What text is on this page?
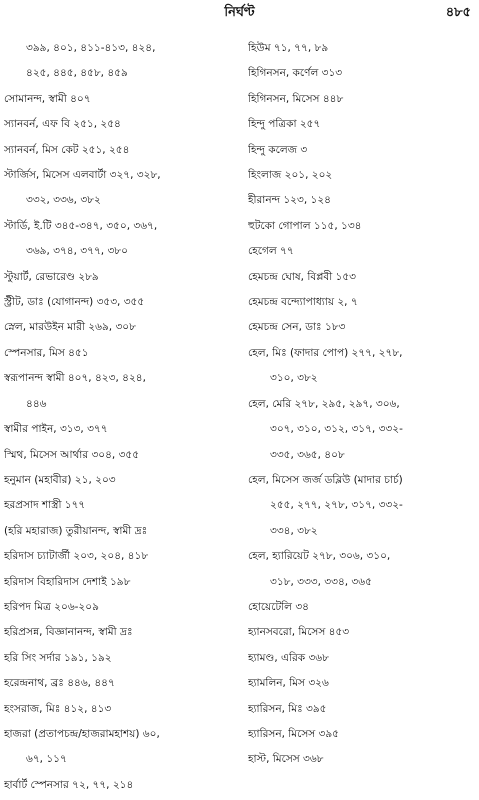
নির্ঘণ্ট	৪৮৫
৩৯৯, ৪০১, ৪১১-৪১৩, ৪২৪,
৪২৫, ৪৪৫, ৪৫৮, ৪৫৯
সোমানন্দ, স্বামী ৪০৭
স্যানবর্ন, এফ বি ২৫১, ২৫৪
স্যানবর্ন, মিস কেট ২৫১, ২৫৪
স্টার্জিস, মিসেস এলবার্টা ৩২৭, ৩২৮,
৩৩২, ৩৩৬, ৩৮২
স্টার্ডি, ই.টি ৩৪৫-৩৪৭, ৩৫০, ৩৬৭,
৩৬৯, ৩৭৪, ৩৭৭, ৩৮০
স্টুয়ার্ট, রেভারেণ্ড ২৮৯
স্ট্রীট, ডাঃ (যোগানন্দ) ৩৫৩, ৩৫৫
স্নেল, মারউইন মারী ২৬৯, ৩০৮
স্পেনসার, মিস ৪৫১
স্বরূপানন্দ স্বামী ৪০৭, ৪২৩, ৪২৪,
৪৪৬
স্বামীর পাইন, ৩১৩, ৩৭৭
স্মিথ, মিসেস আর্থার ৩০৪, ৩৫৫
হনুমান (মহাবীর) ২১, ২০৩
হরপ্রসাদ শাস্ত্রী ১৭৭
(হরি মহারাজ) তুরীয়ানন্দ, স্বামী দ্রঃ
হরিদাস চ্যাটার্জী ২০৩, ২০৪, ৪১৮
হরিদাস বিহারিদাস দেশাই ১৯৮
হরিপদ মিত্র ২০৬-২০৯
হরিপ্রসন্ন, বিজ্ঞানানন্দ, স্বামী দ্রঃ
হরি সিং সর্দার ১৯১, ১৯২
হরেন্দ্রনাথ, ব্রঃ ৪৪৬, ৪৪৭
হংসরাজ, মিঃ ৪১২, ৪১৩
হাজরা (প্রতাপচন্দ্র/হাজরামহাশয়) ৬০,
৬৭, ১১৭
হার্বার্ট স্পেনসার ৭২, ৭৭, ২১৪
হিউম ৭১, ৭৭, ৮৯
হিগিনসন, কর্ণেল ৩১৩
হিগিনসন, মিসেস ৪৪৮
হিন্দু পত্রিকা ২৫৭
হিন্দু কলেজ ৩
হিংলাজ ২০১, ২০২
হীরানন্দ ১২৩, ১২৪
হুটকো গোপাল ১১৫, ১৩৪
হেগেল ৭৭
হেমচন্দ্র ঘোষ, বিপ্লবী ১৫৩
হেমচন্দ্র বন্দ্যোপাধ্যায় ২, ৭
হেমচন্দ্র সেন, ডাঃ ১৮৩
হেল, মিঃ (ফাদার পোপ) ২৭৭, ২৭৮,
৩১০, ৩৮২
হেল, মেরি ২৭৮, ২৯৫, ২৯৭, ৩০৬,
৩০৭, ৩১০, ৩১২, ৩১৭, ৩৩২-
৩৩৫, ৩৬৫, ৪০৮
হেল, মিসেস জর্জ ডব্লিউ (মাদার চার্চ)
২৫৫, ২৭৭, ২৭৮, ৩১৭, ৩৩২-
৩৩৪, ৩৮২
হেল, হ্যারিয়েট ২৭৮, ৩০৬, ৩১০,
৩১৮, ৩৩৩, ৩৩৪, ৩৬৫
হোয়েটেলি ৩৪
হ্যানসবরো, মিসেস ৪৫৩
হ্যামণ্ড, এরিক ৩৬৮
হ্যামলিন, মিস ৩২৬
হ্যারিসন, মিঃ ৩৯৫
হ্যারিসন, মিসেস ৩৯৫
হাস্ট, মিসেস ৩৬৮
